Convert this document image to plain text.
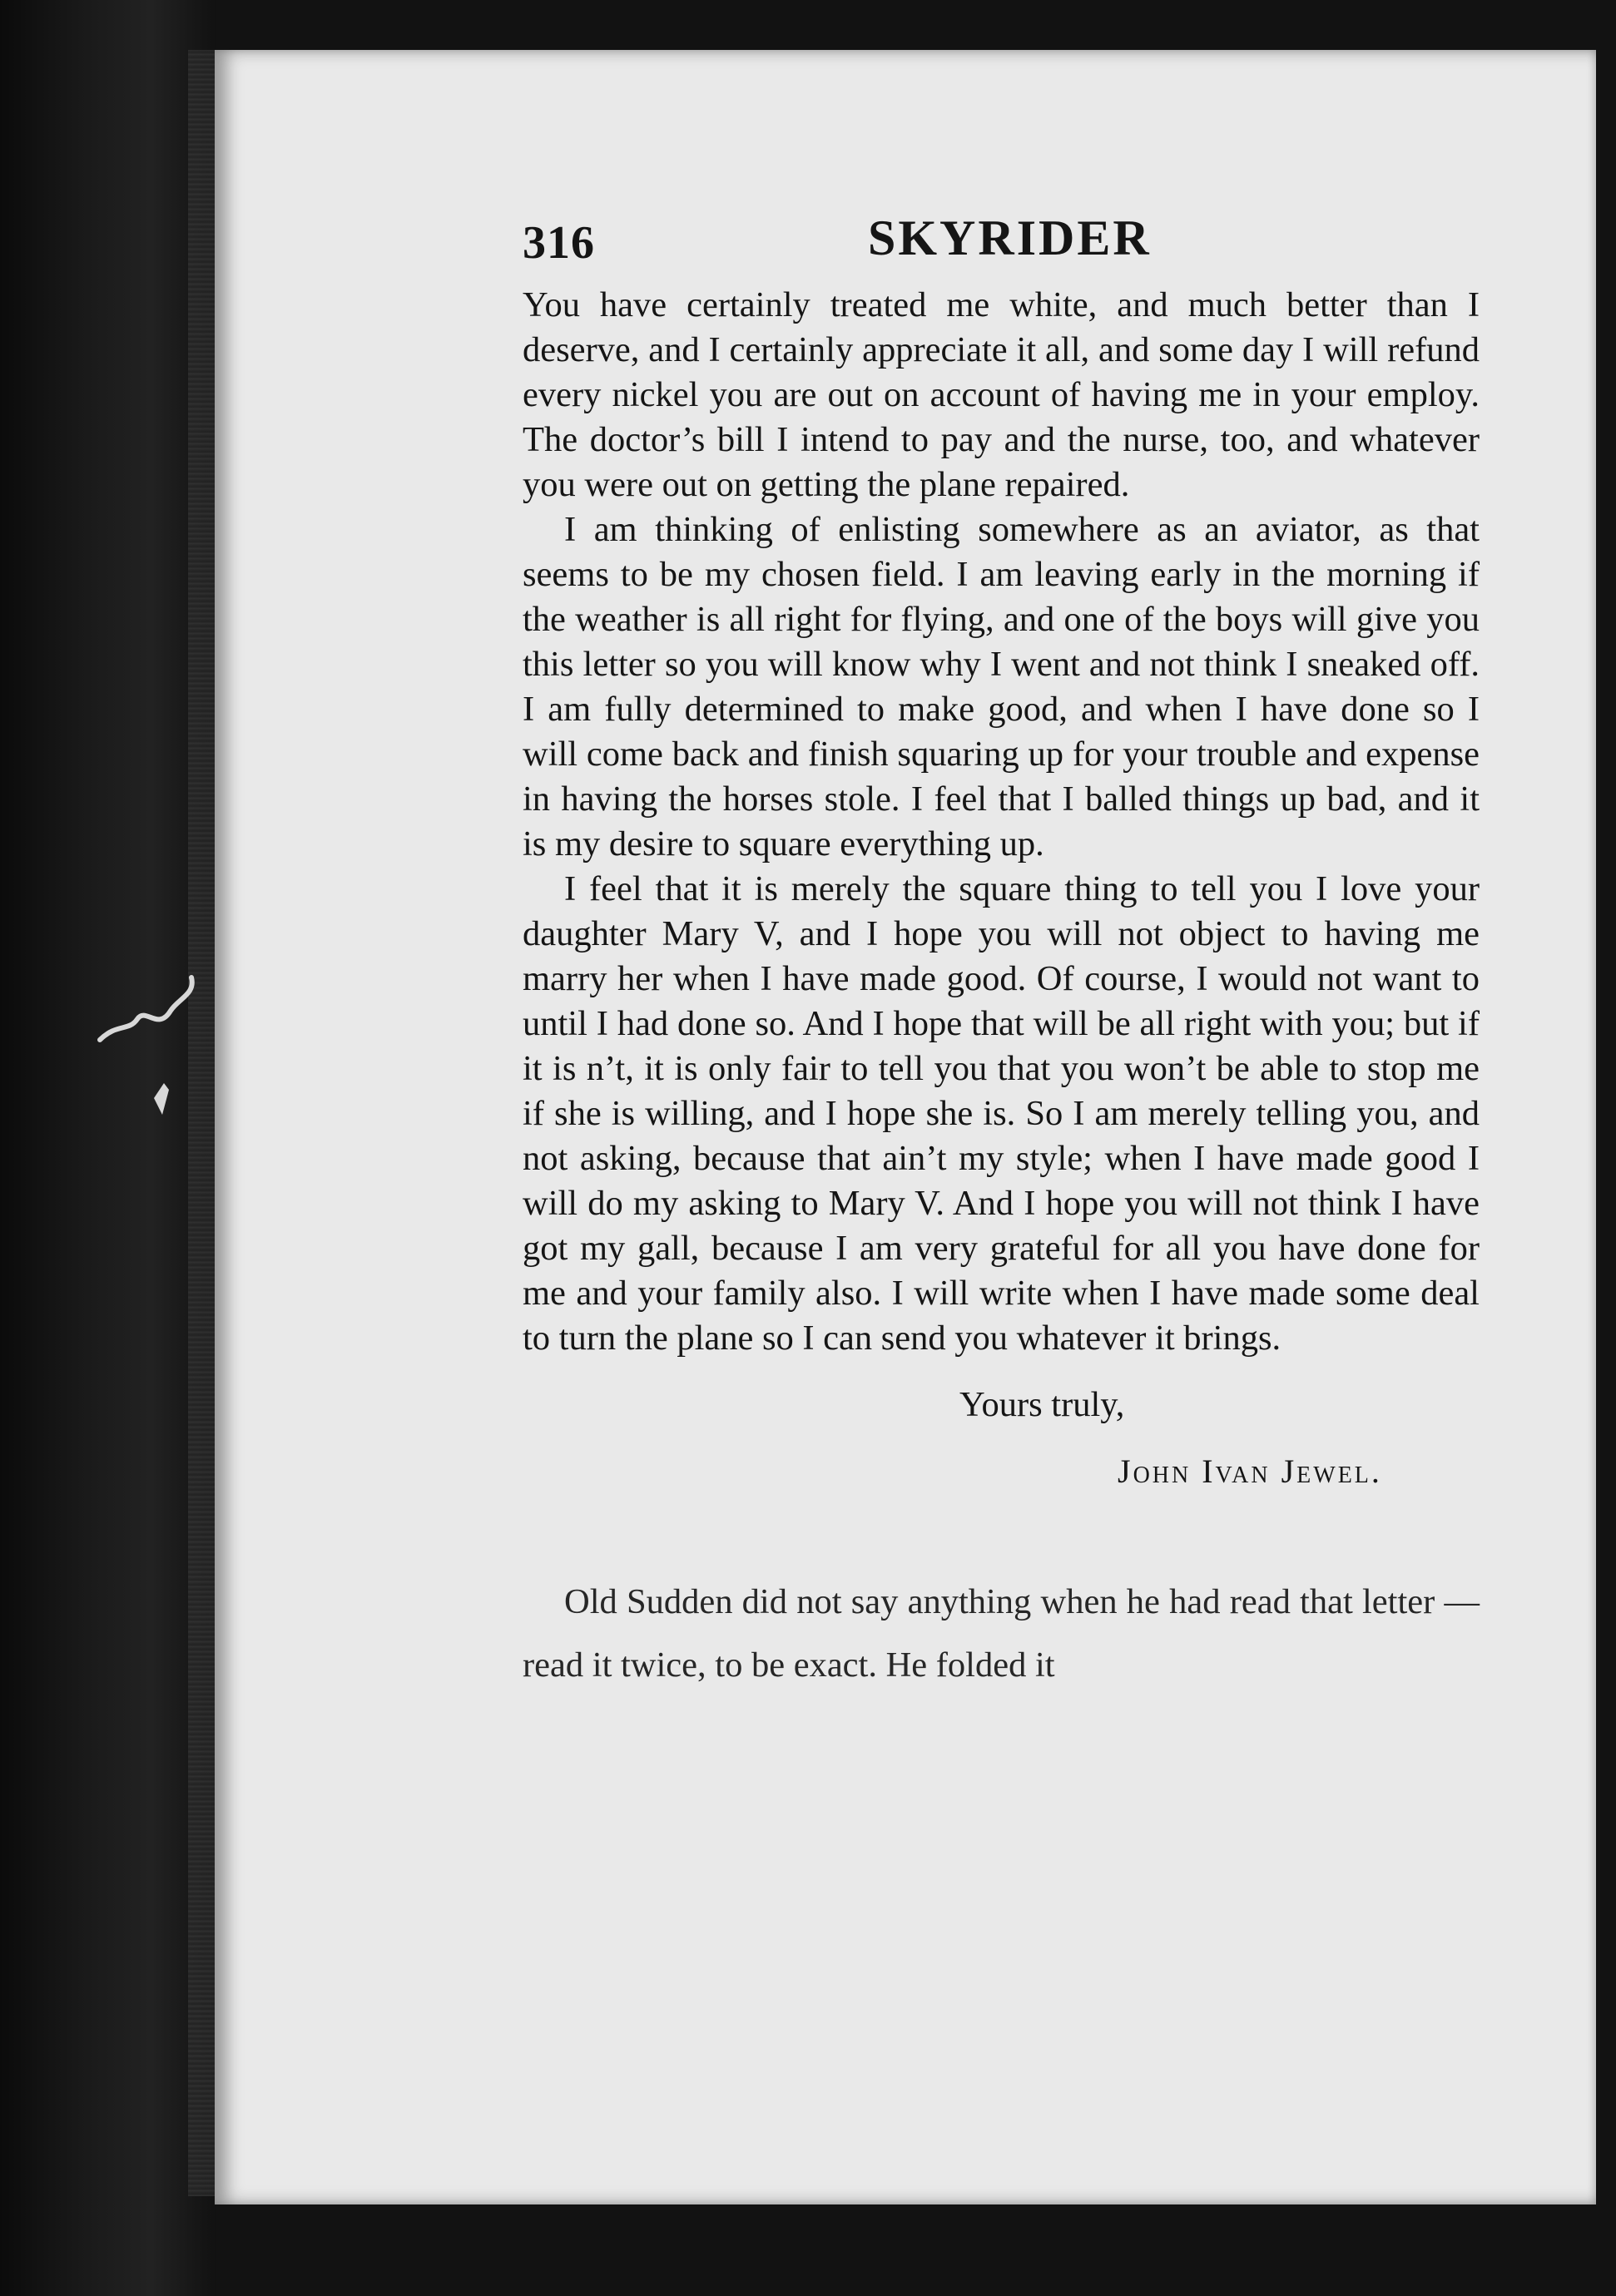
316	SKYRIDER

You have certainly treated me white, and much better than I deserve, and I certainly appreciate it all, and some day I will refund every nickel you are out on account of having me in your employ. The doctor’s bill I intend to pay and the nurse, too, and whatever you were out on getting the plane repaired.

I am thinking of enlisting somewhere as an aviator, as that seems to be my chosen field. I am leaving early in the morning if the weather is all right for flying, and one of the boys will give you this letter so you will know why I went and not think I sneaked off. I am fully determined to make good, and when I have done so I will come back and finish squaring up for your trouble and expense in having the horses stole. I feel that I balled things up bad, and it is my desire to square everything up.

I feel that it is merely the square thing to tell you I love your daughter Mary V, and I hope you will not object to having me marry her when I have made good. Of course, I would not want to until I had done so. And I hope that will be all right with you; but if it is n’t, it is only fair to tell you that you won’t be able to stop me if she is willing, and I hope she is. So I am merely telling you, and not asking, because that ain’t my style; when I have made good I will do my asking to Mary V. And I hope you will not think I have got my gall, because I am very grateful for all you have done for me and your family also. I will write when I have made some deal to turn the plane so I can send you whatever it brings.

Yours truly,
John Ivan Jewel.

Old Sudden did not say anything when he had read that letter — read it twice, to be exact. He folded it
